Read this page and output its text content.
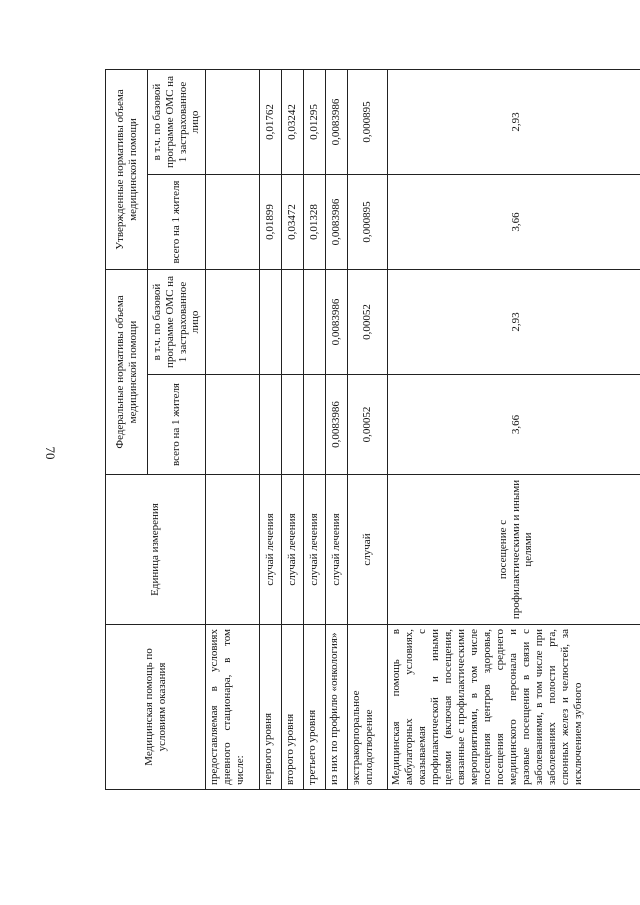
70
Медицинская помощь по условиям оказания	Единица измерения	Федеральные нормативы объема медицинской помощи		Утвержденные нормативы объема медицинской помощи	
		всего на 1 жителя	в т.ч. по базовой программе ОМС на 1 застрахованное лицо	всего на 1 жителя	в т.ч. по базовой программе ОМС на 1 застрахованное лицо
предоставляемая в условиях дневного стационара, в том числе:					
первого уровня	случай лечения			0,01899	0,01762
второго уровня	случай лечения			0,03472	0,03242
третьего уровня	случай лечения			0,01328	0,01295
из них по профилю «онкология»	случай лечения	0,0083986	0,0083986	0,0083986	0,0083986
экстракорпоральное оплодотворение	случай	0,00052	0,00052	0,000895	0,000895
Медицинская помощь в амбулаторных условиях, оказываемая с профилактической и иными целями (включая посещения, связанные с профилактическими мероприятиями, в том числе посещения центров здоровья, посещения среднего медицинского персонала и разовые посещения в связи с заболеваниями, в том числе при заболеваниях полости рта, слюнных желез и челюстей, за исключением зубного	посещение с профилактическими и иными целями	3,66	2,93	3,66	2,93
